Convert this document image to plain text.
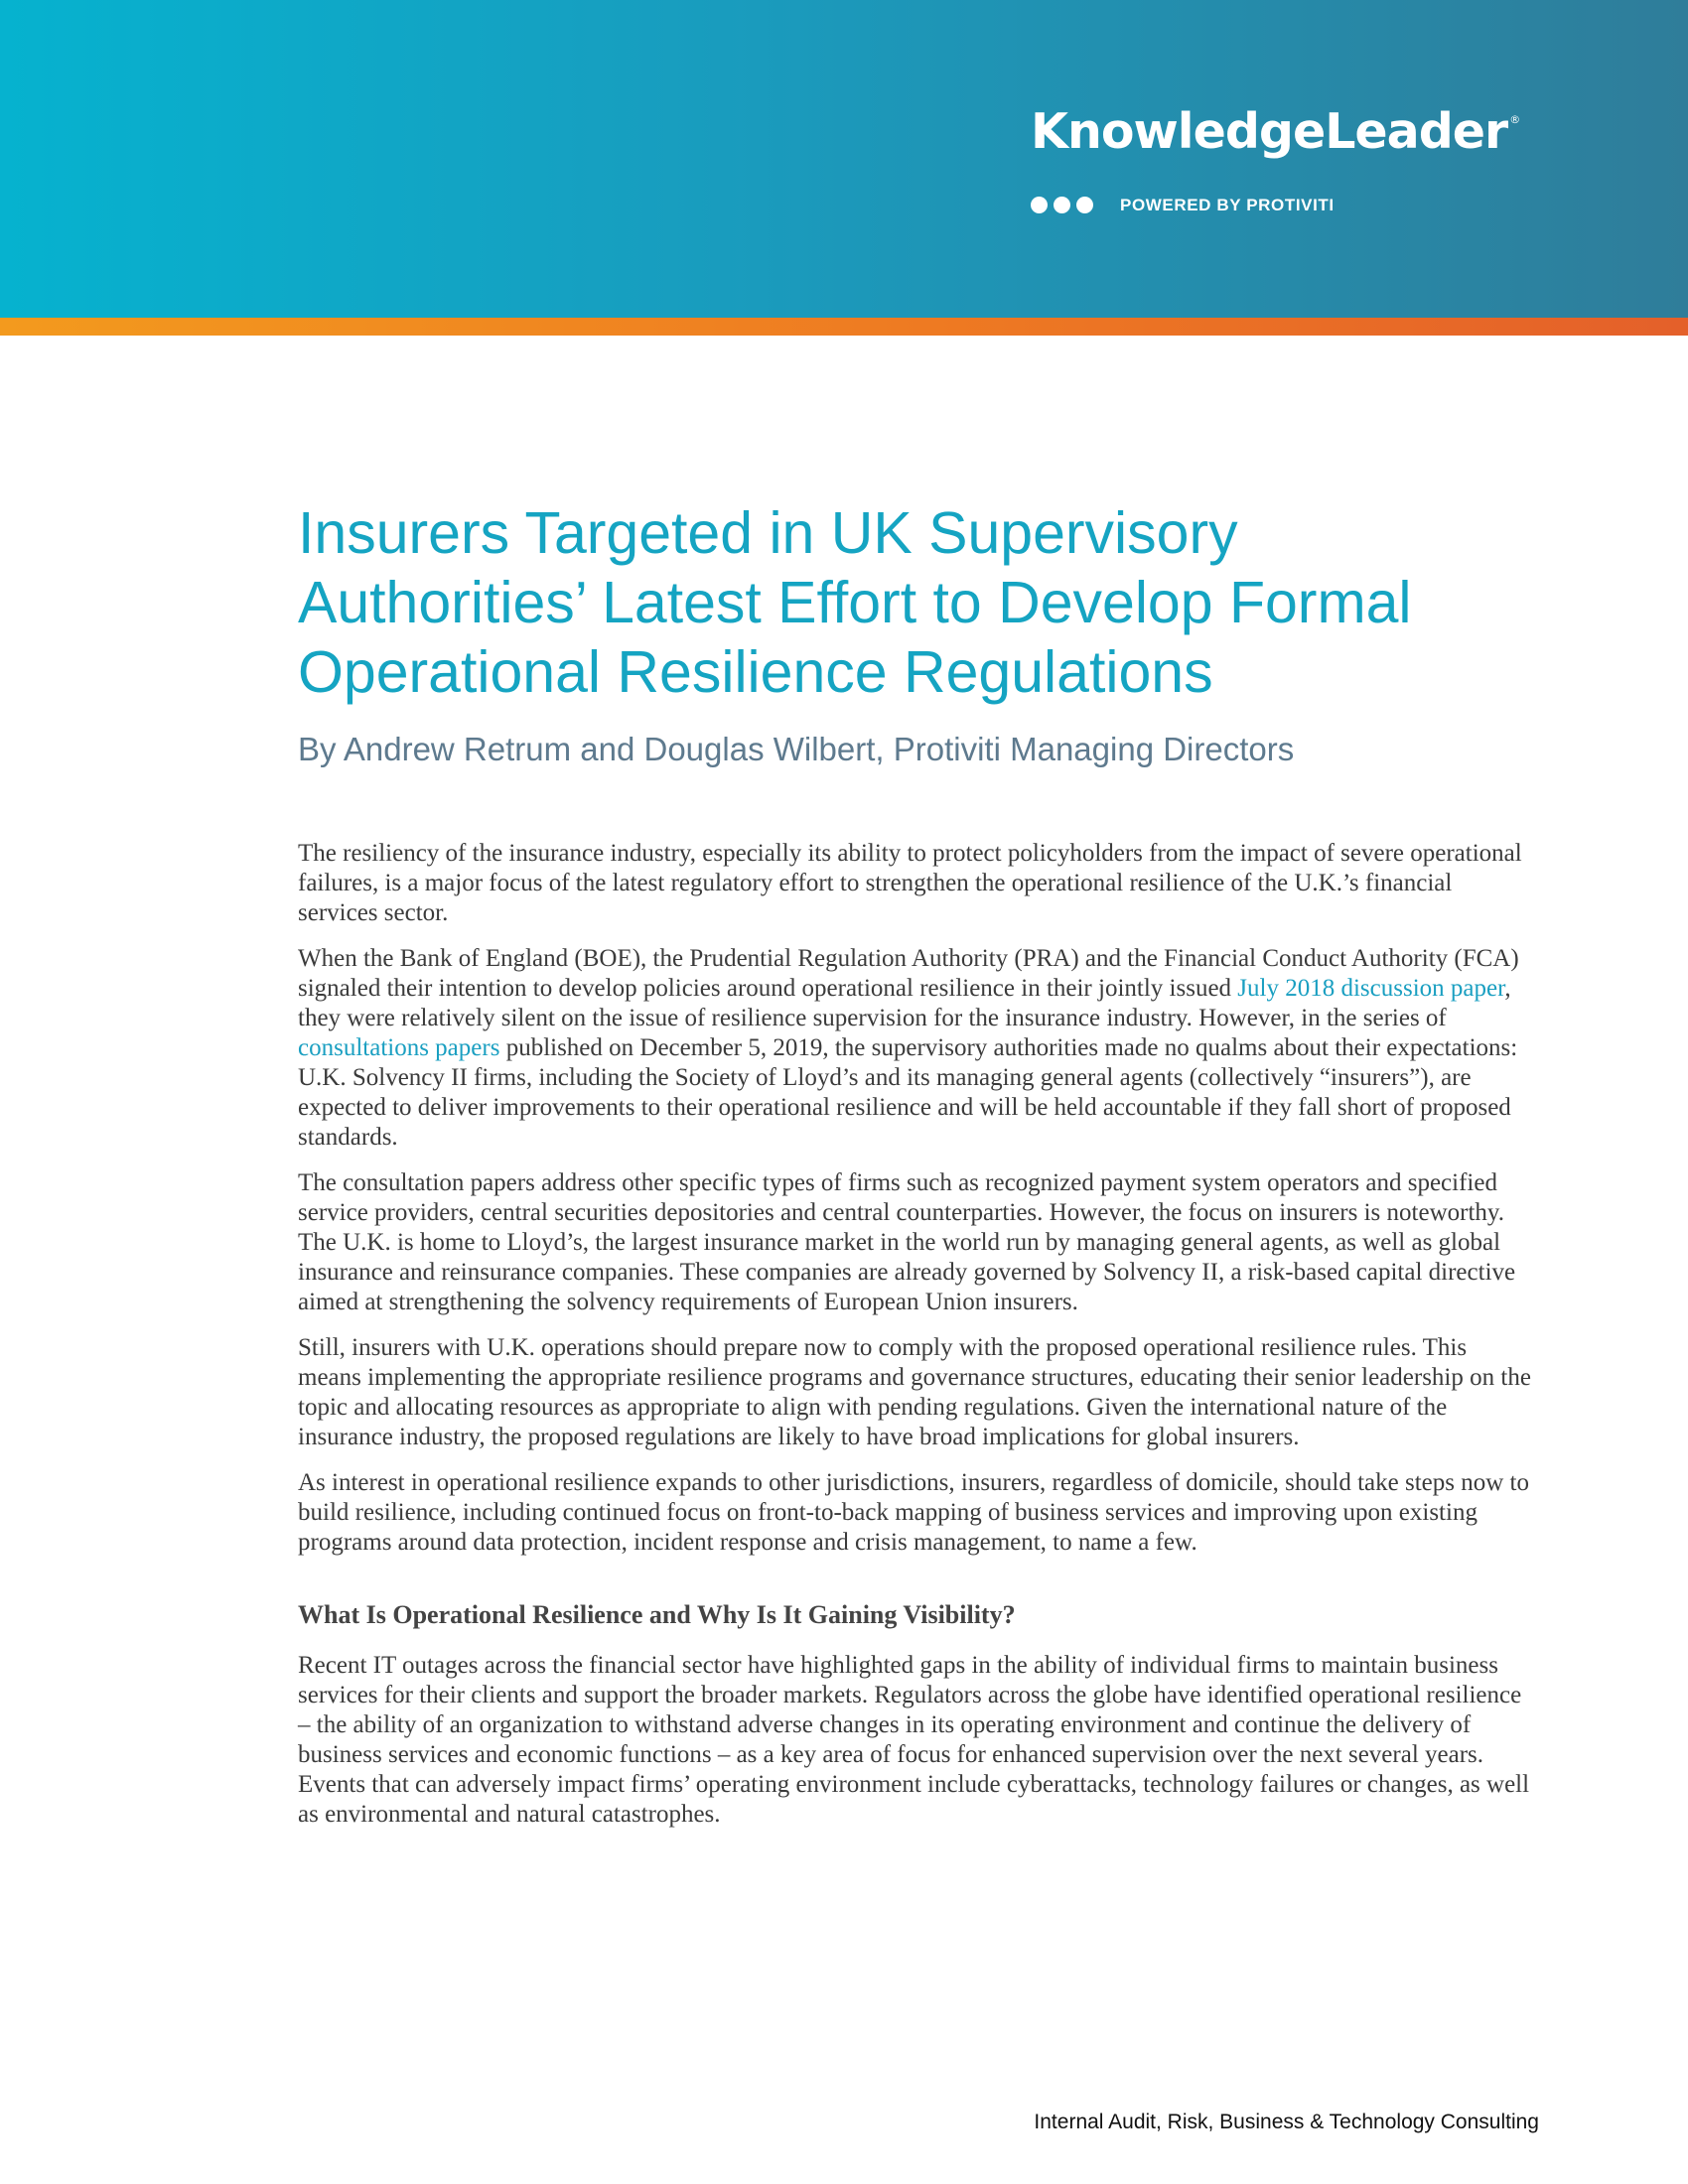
KnowledgeLeader ®
POWERED BY PROTIVITI
Insurers Targeted in UK Supervisory
Authorities’ Latest Effort to Develop Formal
Operational Resilience Regulations

By Andrew Retrum and Douglas Wilbert, Protiviti Managing Directors

The resiliency of the insurance industry, especially its ability to protect policyholders from the impact of severe operational failures, is a major focus of the latest regulatory effort to strengthen the operational resilience of the U.K.’s financial services sector.

When the Bank of England (BOE), the Prudential Regulation Authority (PRA) and the Financial Conduct Authority (FCA) signaled their intention to develop policies around operational resilience in their jointly issued July 2018 discussion paper, they were relatively silent on the issue of resilience supervision for the insurance industry. However, in the series of consultations papers published on December 5, 2019, the supervisory authorities made no qualms about their expectations: U.K. Solvency II firms, including the Society of Lloyd’s and its managing general agents (collectively “insurers”), are expected to deliver improvements to their operational resilience and will be held accountable if they fall short of proposed standards.

The consultation papers address other specific types of firms such as recognized payment system operators and specified service providers, central securities depositories and central counterparties. However, the focus on insurers is noteworthy. The U.K. is home to Lloyd’s, the largest insurance market in the world run by managing general agents, as well as global insurance and reinsurance companies. These companies are already governed by Solvency II, a risk-based capital directive aimed at strengthening the solvency requirements of European Union insurers.

Still, insurers with U.K. operations should prepare now to comply with the proposed operational resilience rules. This means implementing the appropriate resilience programs and governance structures, educating their senior leadership on the topic and allocating resources as appropriate to align with pending regulations. Given the international nature of the insurance industry, the proposed regulations are likely to have broad implications for global insurers.

As interest in operational resilience expands to other jurisdictions, insurers, regardless of domicile, should take steps now to build resilience, including continued focus on front-to-back mapping of business services and improving upon existing programs around data protection, incident response and crisis management, to name a few.

What Is Operational Resilience and Why Is It Gaining Visibility?

Recent IT outages across the financial sector have highlighted gaps in the ability of individual firms to maintain business services for their clients and support the broader markets. Regulators across the globe have identified operational resilience – the ability of an organization to withstand adverse changes in its operating environment and continue the delivery of business services and economic functions – as a key area of focus for enhanced supervision over the next several years. Events that can adversely impact firms’ operating environment include cyberattacks, technology failures or changes, as well as environmental and natural catastrophes.

Internal Audit, Risk, Business & Technology Consulting
